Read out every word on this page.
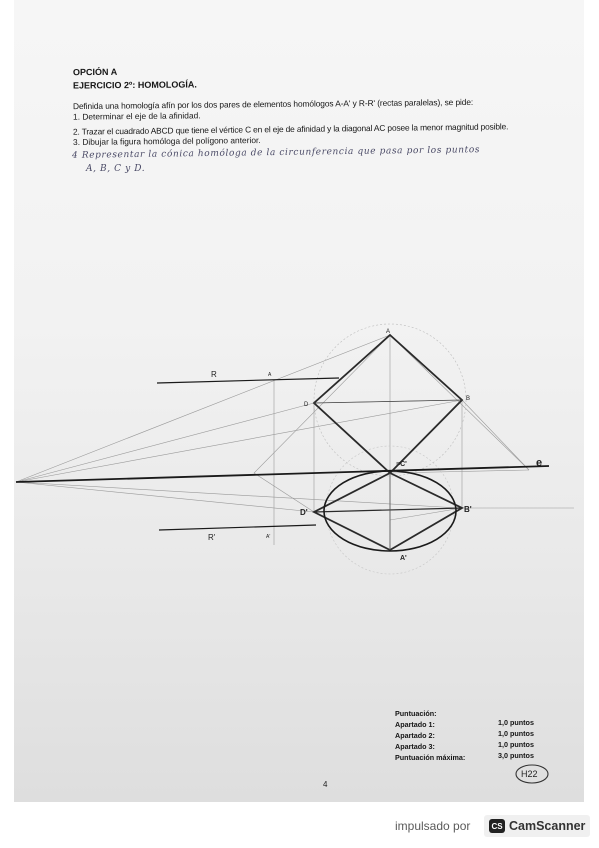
OPCIÓN A
EJERCICIO 2º: HOMOLOGÍA.
Definida una homología afín por los dos pares de elementos homólogos A-A' y R-R' (rectas paralelas), se pide:
1. Determinar el eje de la afinidad.
2. Trazar el cuadrado ABCD que tiene el vértice C en el eje de afinidad y la diagonal AC posee la menor magnitud posible.
3. Dibujar la figura homóloga del polígono anterior.
4 Representar la cónica homóloga de la circunferencia que pasa por los puntos
A, B, C y D.
R
R'
e
A
B
D
≡C'
D'	B'
A'
A
A'
H22
Puntuación:
Apartado 1:	1,0 puntos
Apartado 2:	1,0 puntos
Apartado 3:	1,0 puntos
Puntuación máxima:	3,0 puntos
4
impulsado por	CS CamScanner
